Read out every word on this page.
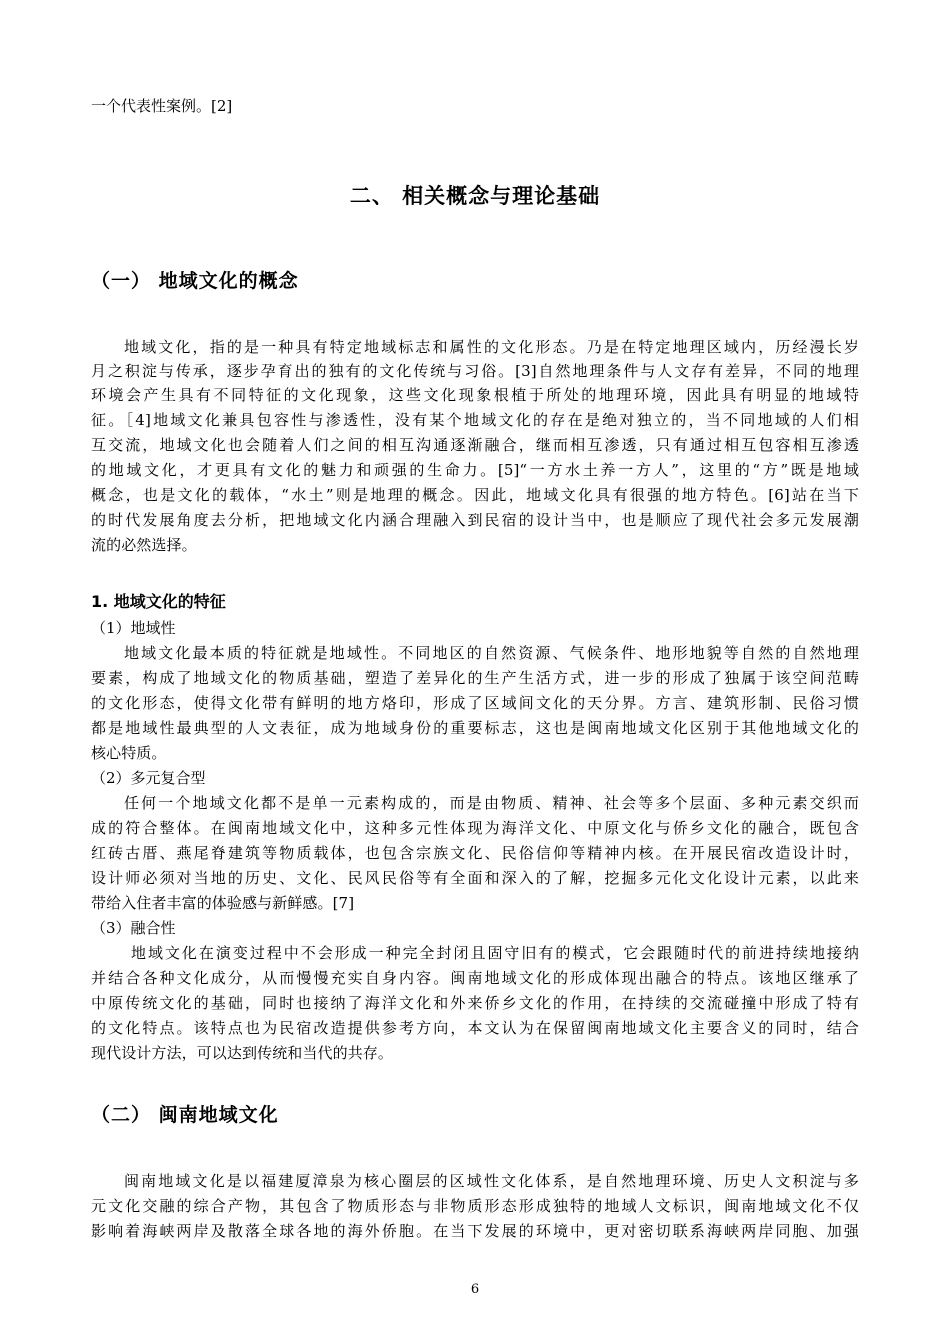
一个代表性案例。[2]

二、 相关概念与理论基础
（一） 地域文化的概念
地域文化，指的是一种具有特定地域标志和属性的文化形态。乃是在特定地理区域内，历经漫长岁
月之积淀与传承，逐步孕育出的独有的文化传统与习俗。[3]自然地理条件与人文存有差异，不同的地理
环境会产生具有不同特征的文化现象，这些文化现象根植于所处的地理环境，因此具有明显的地域特
征。［4]地域文化兼具包容性与渗透性，没有某个地域文化的存在是绝对独立的，当不同地域的人们相
互交流，地域文化也会随着人们之间的相互沟通逐渐融合，继而相互渗透，只有通过相互包容相互渗透
的地域文化，才更具有文化的魅力和顽强的生命力。[5]“一方水土养一方人”，这里的“方”既是地域
概念，也是文化的载体，“水土”则是地理的概念。因此，地域文化具有很强的地方特色。[6]站在当下
的时代发展角度去分析，把地域文化内涵合理融入到民宿的设计当中，也是顺应了现代社会多元发展潮
流的必然选择。
1. 地域文化的特征

（1）地域性

地域文化最本质的特征就是地域性。不同地区的自然资源、气候条件、地形地貌等自然的自然地理
要素，构成了地域文化的物质基础，塑造了差异化的生产生活方式，进一步的形成了独属于该空间范畴
的文化形态，使得文化带有鲜明的地方烙印，形成了区域间文化的天分界。方言、建筑形制、民俗习惯
都是地域性最典型的人文表征，成为地域身份的重要标志，这也是闽南地域文化区别于其他地域文化的
核心特质。

（2）多元复合型

任何一个地域文化都不是单一元素构成的，而是由物质、精神、社会等多个层面、多种元素交织而
成的符合整体。在闽南地域文化中，这种多元性体现为海洋文化、中原文化与侨乡文化的融合，既包含
红砖古厝、燕尾脊建筑等物质载体，也包含宗族文化、民俗信仰等精神内核。在开展民宿改造设计时，
设计师必须对当地的历史、文化、民风民俗等有全面和深入的了解，挖掘多元化文化设计元素，以此来
带给入住者丰富的体验感与新鲜感。[7]

（3）融合性

地域文化在演变过程中不会形成一种完全封闭且固守旧有的模式，它会跟随时代的前进持续地接纳
并结合各种文化成分，从而慢慢充实自身内容。闽南地域文化的形成体现出融合的特点。该地区继承了
中原传统文化的基础，同时也接纳了海洋文化和外来侨乡文化的作用，在持续的交流碰撞中形成了特有
的文化特点。该特点也为民宿改造提供参考方向，本文认为在保留闽南地域文化主要含义的同时，结合
现代设计方法，可以达到传统和当代的共存。
（二） 闽南地域文化
闽南地域文化是以福建厦漳泉为核心圈层的区域性文化体系，是自然地理环境、历史人文积淀与多
元文化交融的综合产物，其包含了物质形态与非物质形态形成独特的地域人文标识，闽南地域文化不仅
影响着海峡两岸及散落全球各地的海外侨胞。在当下发展的环境中，更对密切联系海峡两岸同胞、加强

6
